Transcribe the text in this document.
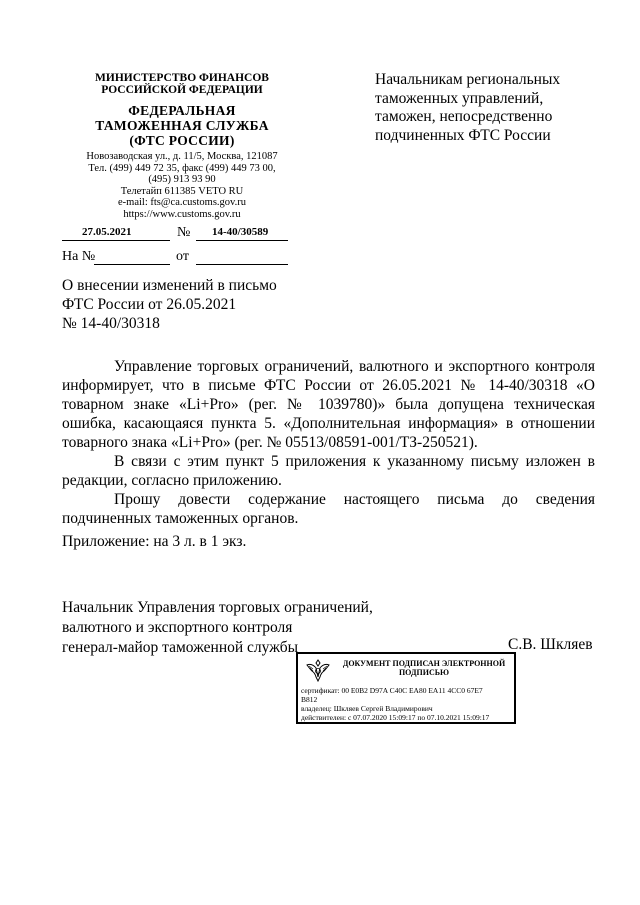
МИНИСТЕРСТВО ФИНАНСОВ
РОССИЙСКОЙ ФЕДЕРАЦИИ
ФЕДЕРАЛЬНАЯ
ТАМОЖЕННАЯ СЛУЖБА
(ФТС РОССИИ)
Новозаводская ул., д. 11/5, Москва, 121087
Тел. (499) 449 72 35, факс (499) 449 73 00,
(495) 913 93 90
Телетайп 611385 VETO RU
e-mail: fts@ca.customs.gov.ru
https://www.customs.gov.ru
27.05.2021	№ 14-40/30589
На №	от
Начальникам региональных
таможенных управлений,
таможен, непосредственно
подчиненных ФТС России
О внесении изменений в письмо
ФТС России от 26.05.2021
№ 14-40/30318

Управление торговых ограничений, валютного и экспортного контроля информирует, что в письме ФТС России от 26.05.2021 № 14-40/30318 «О товарном знаке «Li+Pro» (рег. № 1039780)» была допущена техническая ошибка, касающаяся пункта 5. «Дополнительная информация» в отношении товарного знака «Li+Pro» (рег. № 05513/08591-001/ТЗ-250521).

В связи с этим пункт 5 приложения к указанному письму изложен в редакции, согласно приложению.

Прошу довести содержание настоящего письма до сведения подчиненных таможенных органов.

Приложение: на 3 л. в 1 экз.
Начальник Управления торговых ограничений,
валютного и экспортного контроля
генерал-майор таможенной службы	С.В. Шкляев
ДОКУМЕНТ ПОДПИСАН ЭЛЕКТРОННОЙ
ПОДПИСЬЮ
сертификат: 00 E0B2 D97A C40C EA80 EA11 4CC0 67E7
B812
владелец: Шкляев Сергей Владимирович
действителен: с 07.07.2020 15:09:17 по 07.10.2021 15:09:17
